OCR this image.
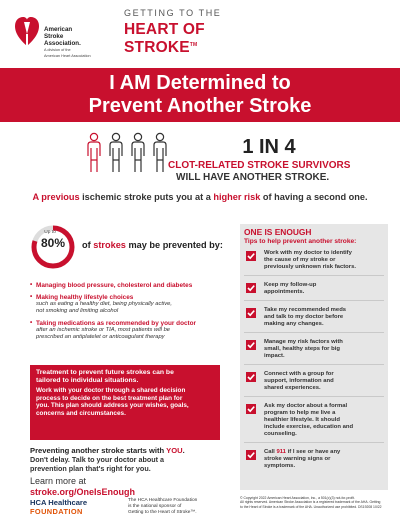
American
Stroke
Association.
A division of the
American Heart Association
GETTING TO THE
HEART OF STROKE™
I AM Determined to
Prevent Another Stroke
1 IN 4
CLOT-RELATED STROKE SURVIVORS
WILL HAVE ANOTHER STROKE.
A previous ischemic stroke puts you at a higher risk of having a second one.
Up to
80%	of strokes may be prevented by:
• Managing blood pressure, cholesterol and diabetes
• Making healthy lifestyle choices
such as eating a healthy diet, being physically active,
not smoking and limiting alcohol
• Taking medications as recommended by your doctor
after an ischemic stroke or TIA, most patients will be
prescribed an antiplatelet or anticoagulant therapy
Treatment to prevent future strokes can be
tailored to individual situations.
Work with your doctor through a shared decision
process to decide on the best treatment plan for
you. This plan should address your wishes, goals,
concerns and circumstances.
Preventing another stroke starts with YOU.
Don't delay. Talk to your doctor about a
prevention plan that's right for you.
Learn more at
stroke.org/OneIsEnough
HCA Healthcare
FOUNDATION
The HCA Healthcare Foundation
is the national sponsor of
Getting to the Heart of Stroke™.
ONE IS ENOUGH
Tips to help prevent another stroke:
Work with my doctor to identify
the cause of my stroke or
previously unknown risk factors.
Keep my follow-up
appointments.
Take my recommended meds
and talk to my doctor before
making any changes.
Manage my risk factors with
small, healthy steps for big
impact.
Connect with a group for
support, information and
shared experiences.
Ask my doctor about a formal
program to help me live a
healthier lifestyle. It should
include exercise, education and
counseling.
Call 911 if I see or have any
stroke warning signs or
symptoms.
© Copyright 2022 American Heart Association, Inc., a 501(c)(3) not-for-profit.
All rights reserved. American Stroke Association is a registered trademark of the AHA. Getting
to the Heart of Stroke is a trademark of the AHA. Unauthorized use prohibited. DS19208 10/22
